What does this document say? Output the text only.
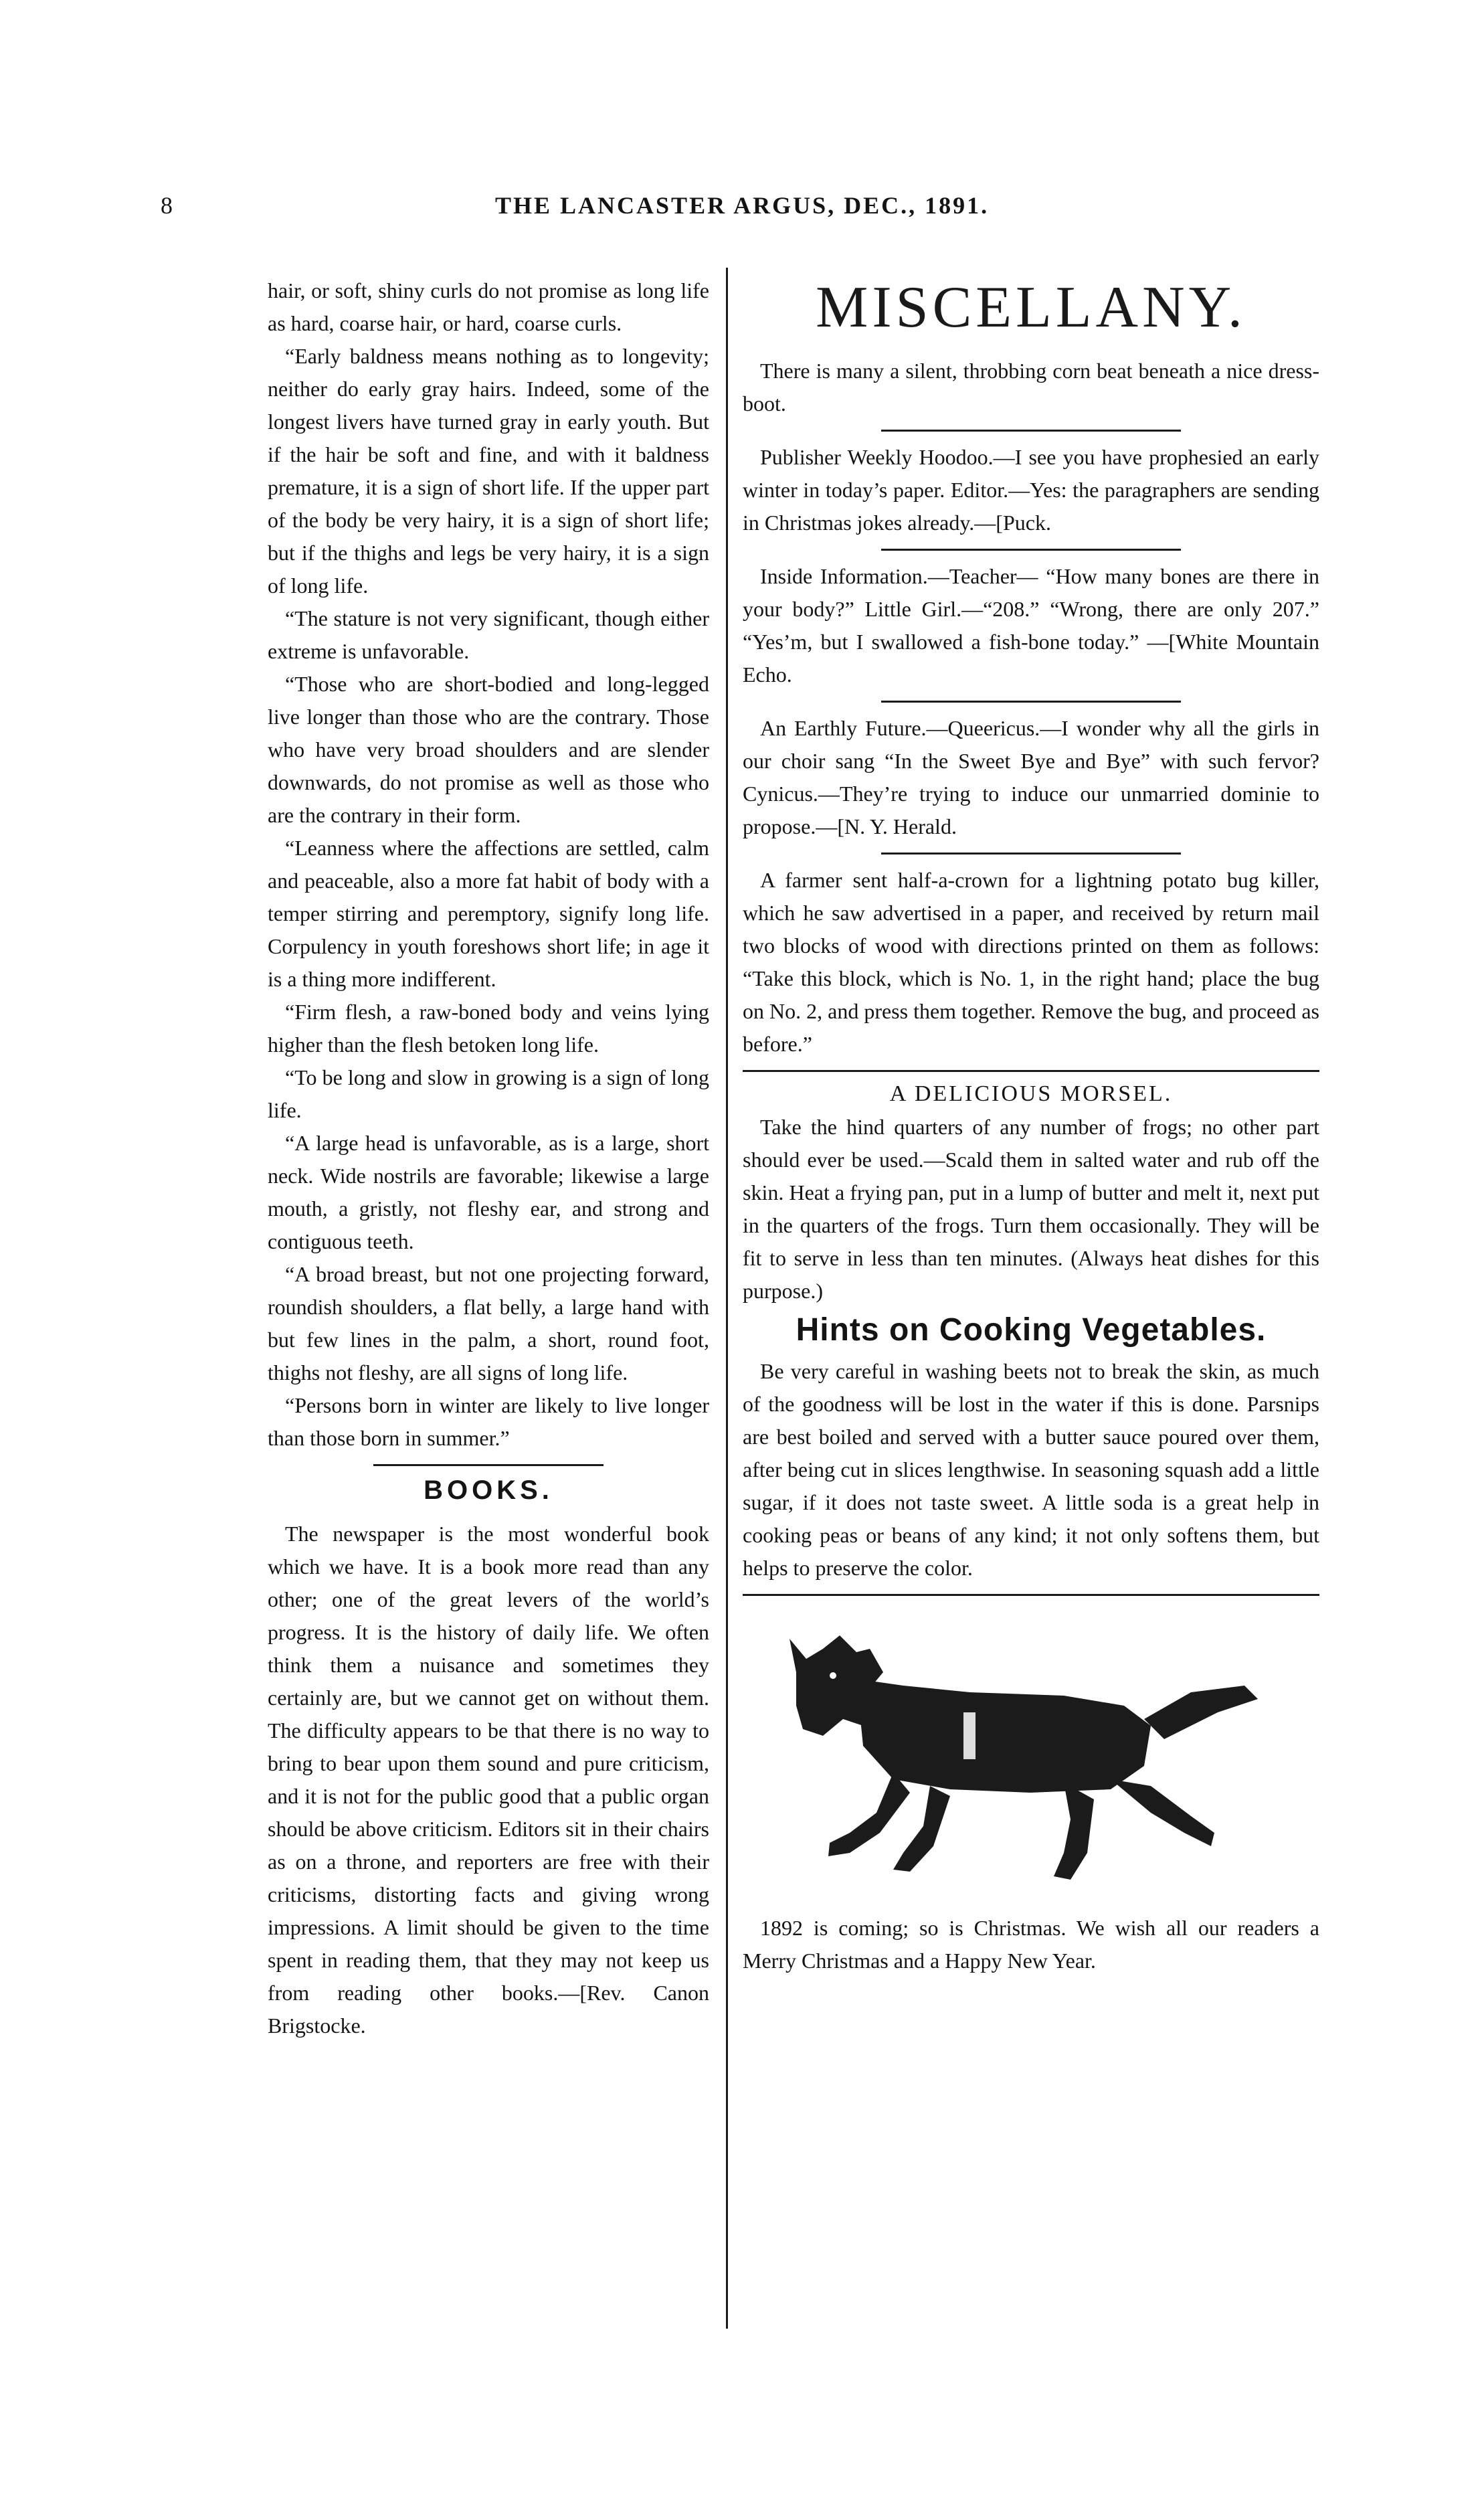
8	THE LANCASTER ARGUS, DEC., 1891.

hair, or soft, shiny curls do not promise as long life as hard, coarse hair, or hard, coarse curls.

“Early baldness means nothing as to longevity; neither do early gray hairs. Indeed, some of the longest livers have turned gray in early youth. But if the hair be soft and fine, and with it baldness premature, it is a sign of short life. If the upper part of the body be very hairy, it is a sign of short life; but if the thighs and legs be very hairy, it is a sign of long life.

“The stature is not very significant, though either extreme is unfavorable.

“Those who are short-bodied and long-legged live longer than those who are the contrary. Those who have very broad shoulders and are slender downwards, do not promise as well as those who are the contrary in their form.

“Leanness where the affections are settled, calm and peaceable, also a more fat habit of body with a temper stirring and peremptory, signify long life. Corpulency in youth foreshows short life; in age it is a thing more indifferent.

“Firm flesh, a raw-boned body and veins lying higher than the flesh betoken long life.

“To be long and slow in growing is a sign of long life.

“A large head is unfavorable, as is a large, short neck. Wide nostrils are favorable; likewise a large mouth, a gristly, not fleshy ear, and strong and contiguous teeth.

“A broad breast, but not one projecting forward, roundish shoulders, a flat belly, a large hand with but few lines in the palm, a short, round foot, thighs not fleshy, are all signs of long life.

“Persons born in winter are likely to live longer than those born in summer.”

BOOKS.

The newspaper is the most wonderful book which we have. It is a book more read than any other; one of the great levers of the world’s progress. It is the history of daily life. We often think them a nuisance and sometimes they certainly are, but we cannot get on without them. The difficulty appears to be that there is no way to bring to bear upon them sound and pure criticism, and it is not for the public good that a public organ should be above criticism. Editors sit in their chairs as on a throne, and reporters are free with their criticisms, distorting facts and giving wrong impressions. A limit should be given to the time spent in reading them, that they may not keep us from reading other books.—[Rev. Canon Brigstocke.

MISCELLANY.

There is many a silent, throbbing corn beat beneath a nice dress-boot.

Publisher Weekly Hoodoo.—I see you have prophesied an early winter in today’s paper. Editor.—Yes: the paragraphers are sending in Christmas jokes already.—[Puck.

Inside Information.—Teacher— “How many bones are there in your body?” Little Girl.—“208.” “Wrong, there are only 207.” “Yes’m, but I swallowed a fish-bone today.” —[White Mountain Echo.

An Earthly Future.—Queericus.—I wonder why all the girls in our choir sang “In the Sweet Bye and Bye” with such fervor? Cynicus.—They’re trying to induce our unmarried dominie to propose.—[N. Y. Herald.

A farmer sent half-a-crown for a lightning potato bug killer, which he saw advertised in a paper, and received by return mail two blocks of wood with directions printed on them as follows: “Take this block, which is No. 1, in the right hand; place the bug on No. 2, and press them together. Remove the bug, and proceed as before.”

A DELICIOUS MORSEL.

Take the hind quarters of any number of frogs; no other part should ever be used.—Scald them in salted water and rub off the skin. Heat a frying pan, put in a lump of butter and melt it, next put in the quarters of the frogs. Turn them occasionally. They will be fit to serve in less than ten minutes. (Always heat dishes for this purpose.)

Hints on Cooking Vegetables.

Be very careful in washing beets not to break the skin, as much of the goodness will be lost in the water if this is done. Parsnips are best boiled and served with a butter sauce poured over them, after being cut in slices lengthwise. In seasoning squash add a little sugar, if it does not taste sweet. A little soda is a great help in cooking peas or beans of any kind; it not only softens them, but helps to preserve the color.

1892 is coming; so is Christmas. We wish all our readers a Merry Christmas and a Happy New Year.
